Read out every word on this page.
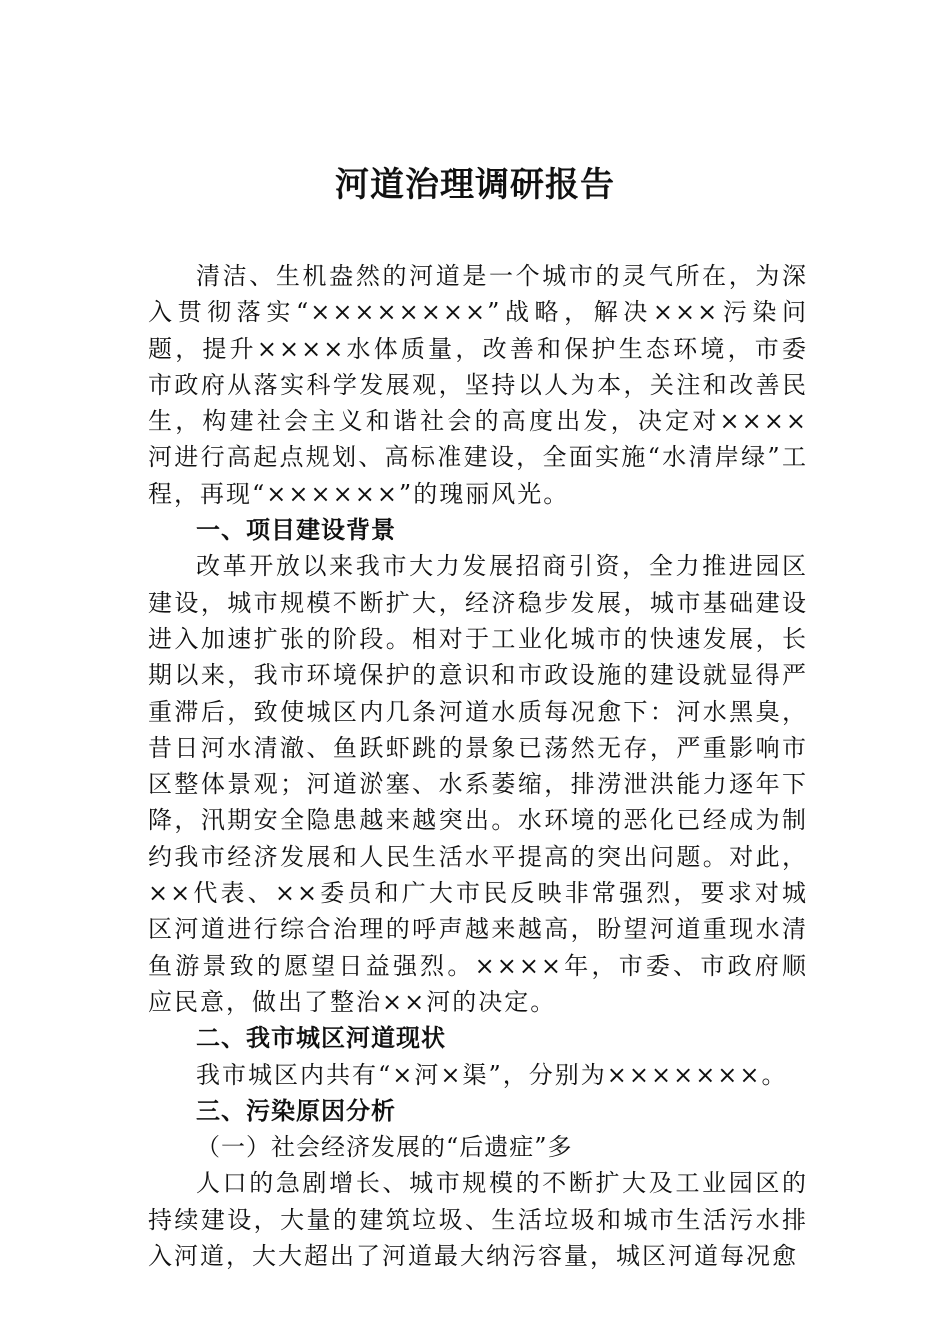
河道治理调研报告

清洁、生机盎然的河道是一个城市的灵气所在，为深入贯彻落实“××××××××”战略，解决×××污染问题，提升××××水体质量，改善和保护生态环境，市委市政府从落实科学发展观，坚持以人为本，关注和改善民生，构建社会主义和谐社会的高度出发，决定对××××河进行高起点规划、高标准建设，全面实施“水清岸绿”工程，再现“××××××”的瑰丽风光。

一、项目建设背景

改革开放以来我市大力发展招商引资，全力推进园区建设，城市规模不断扩大，经济稳步发展，城市基础建设进入加速扩张的阶段。相对于工业化城市的快速发展，长期以来，我市环境保护的意识和市政设施的建设就显得严重滞后，致使城区内几条河道水质每况愈下：河水黑臭，昔日河水清澈、鱼跃虾跳的景象已荡然无存，严重影响市区整体景观；河道淤塞、水系萎缩，排涝泄洪能力逐年下降，汛期安全隐患越来越突出。水环境的恶化已经成为制约我市经济发展和人民生活水平提高的突出问题。对此，××代表、××委员和广大市民反映非常强烈，要求对城区河道进行综合治理的呼声越来越高，盼望河道重现水清鱼游景致的愿望日益强烈。××××年，市委、市政府顺应民意，做出了整治××河的决定。

二、我市城区河道现状

我市城区内共有“×河×渠”，分别为×××××××。

三、污染原因分析

（一）社会经济发展的“后遗症”多

人口的急剧增长、城市规模的不断扩大及工业园区的持续建设，大量的建筑垃圾、生活垃圾和城市生活污水排入河道，大大超出了河道最大纳污容量，城区河道每况愈
